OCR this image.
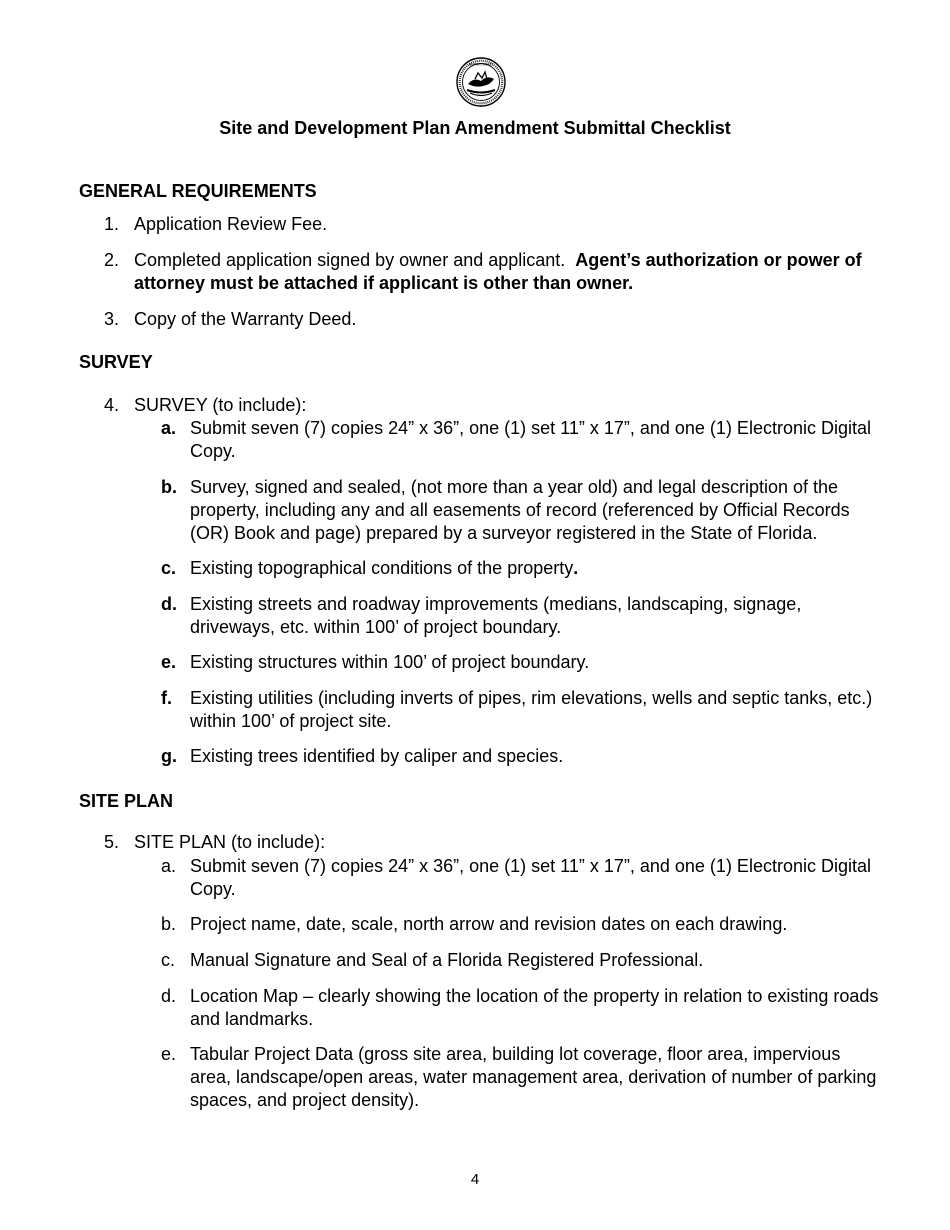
DEPARTMENT
Site and Development Plan Amendment Submittal Checklist
GENERAL REQUIREMENTS
1. Application Review Fee.
2. Completed application signed by owner and applicant.  Agent’s authorization or power of attorney must be attached if applicant is other than owner.
3. Copy of the Warranty Deed.
SURVEY
4. SURVEY (to include):
a. Submit seven (7) copies 24” x 36”, one (1) set 11” x 17”, and one (1) Electronic Digital Copy.
b. Survey, signed and sealed, (not more than a year old) and legal description of the property, including any and all easements of record (referenced by Official Records (OR) Book and page) prepared by a surveyor registered in the State of Florida.
c. Existing topographical conditions of the property.
d. Existing streets and roadway improvements (medians, landscaping, signage, driveways, etc. within 100’ of project boundary.
e. Existing structures within 100’ of project boundary.
f.	Existing utilities (including inverts of pipes, rim elevations, wells and septic tanks, etc.) within 100’ of project site.
g. Existing trees identified by caliper and species.
SITE PLAN
5. SITE PLAN (to include):
a. Submit seven (7) copies 24” x 36”, one (1) set 11” x 17”, and one (1) Electronic Digital Copy.
b. Project name, date, scale, north arrow and revision dates on each drawing.
c. Manual Signature and Seal of a Florida Registered Professional.
d. Location Map – clearly showing the location of the property in relation to existing roads and landmarks.
e. Tabular Project Data (gross site area, building lot coverage, floor area, impervious area, landscape/open areas, water management area, derivation of number of parking spaces, and project density).
4
